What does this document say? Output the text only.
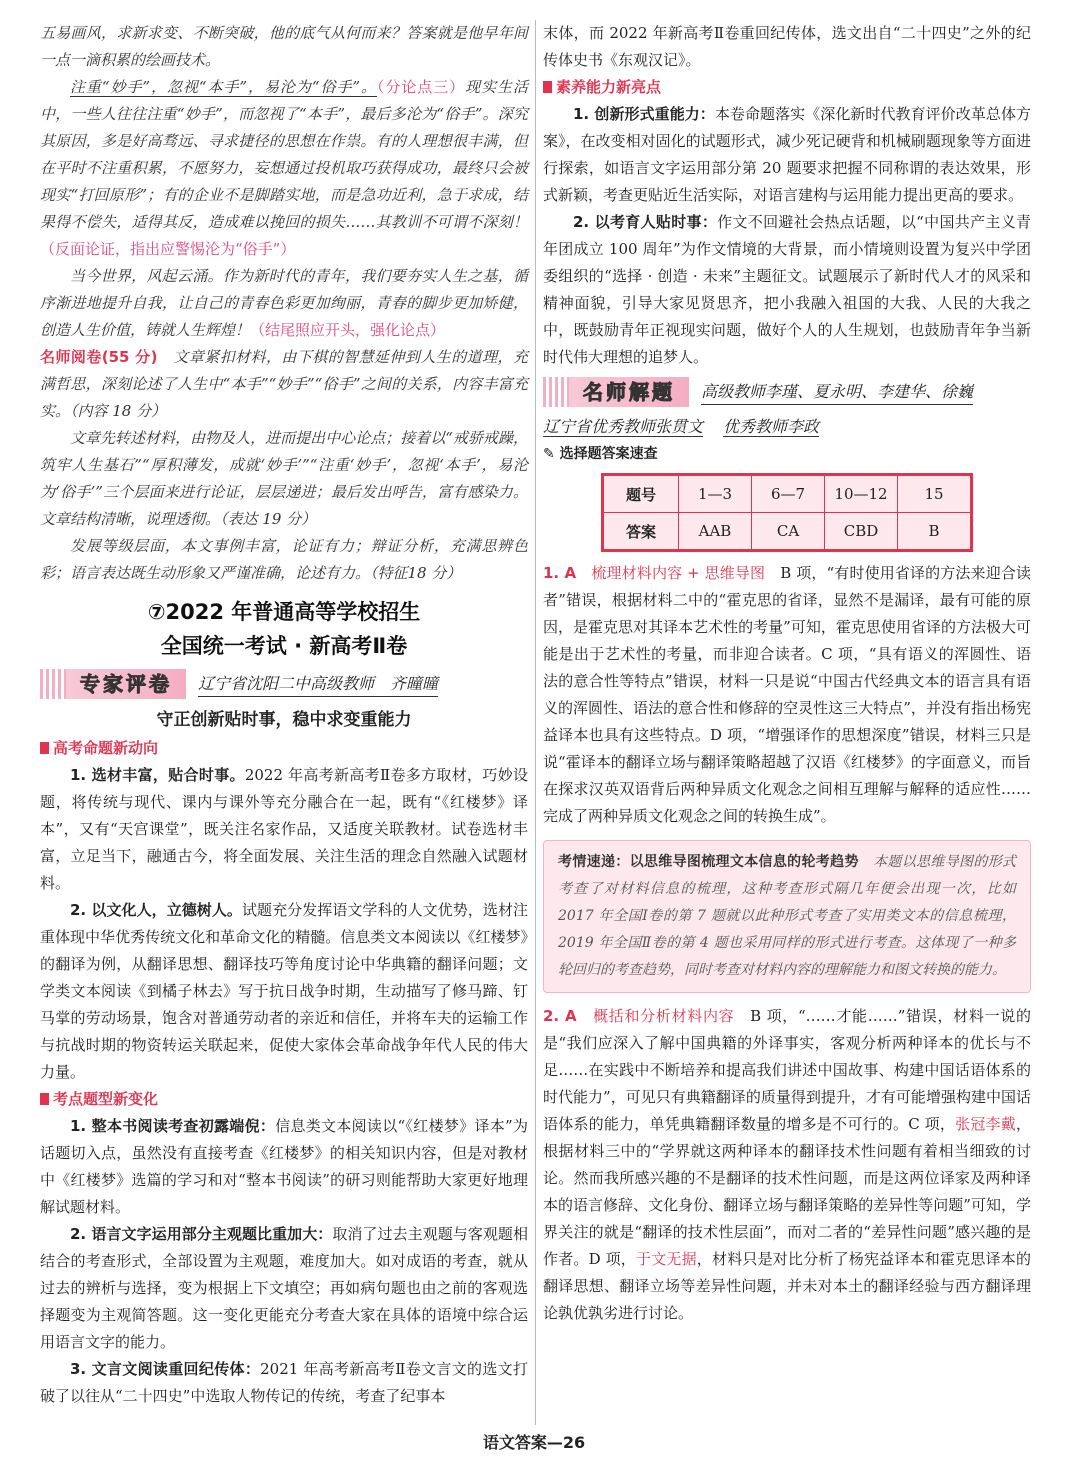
五易画风，求新求变、不断突破，他的底气从何而来？答案就是他早年间一点一滴积累的绘画技术。

注重“妙手”，忽视“本手”，易沦为“俗手”。（分论点三）现实生活中，一些人往往注重“妙手”，而忽视了“本手”，最后多沦为“俗手”。深究其原因，多是好高骛远、寻求捷径的思想在作祟。有的人理想很丰满，但在平时不注重积累，不愿努力，妄想通过投机取巧获得成功，最终只会被现实“打回原形”；有的企业不是脚踏实地，而是急功近利，急于求成，结果得不偿失，适得其反，造成难以挽回的损失……其教训不可谓不深刻！（反面论证，指出应警惕沦为“俗手”）

当今世界，风起云涌。作为新时代的青年，我们要夯实人生之基，循序渐进地提升自我，让自己的青春色彩更加绚丽，青春的脚步更加矫健，创造人生价值，铸就人生辉煌！（结尾照应开头，强化论点）

名师阅卷(55 分)　 文章紧扣材料，由下棋的智慧延伸到人生的道理，充满哲思，深刻论述了人生中“本手”“妙手”“俗手”之间的关系，内容丰富充实。（内容 18 分）

文章先转述材料，由物及人，进而提出中心论点；接着以“戒骄戒躁，筑牢人生基石”“厚积薄发，成就‘妙手’”“注重‘妙手’，忽视‘本手’，易沦为‘俗手’”三个层面来进行论证，层层递进；最后发出呼告，富有感染力。文章结构清晰，说理透彻。（表达 19 分）

发展等级层面，本文事例丰富，论证有力；辩证分析，充满思辨色彩；语言表达既生动形象又严谨准确，论述有力。（特征18 分）

⑦2022 年普通高等学校招生
全国统一考试 · 新高考Ⅱ卷
专家评卷	辽宁省沈阳二中高级教师　齐曈曈
守正创新贴时事，稳中求变重能力
高考命题新动向

1. 选材丰富，贴合时事。2022 年高考新高考Ⅱ卷多方取材，巧妙设题，将传统与现代、课内与课外等充分融合在一起，既有“《红楼梦》译本”，又有“天宫课堂”，既关注名家作品，又适度关联教材。试卷选材丰富，立足当下，融通古今，将全面发展、关注生活的理念自然融入试题材料。

2. 以文化人，立德树人。试题充分发挥语文学科的人文优势，选材注重体现中华优秀传统文化和革命文化的精髓。信息类文本阅读以《红楼梦》的翻译为例，从翻译思想、翻译技巧等角度讨论中华典籍的翻译问题；文学类文本阅读《到橘子林去》写于抗日战争时期，生动描写了修马蹄、钉马掌的劳动场景，饱含对普通劳动者的亲近和信任，并将车夫的运输工作与抗战时期的物资转运关联起来，促使大家体会革命战争年代人民的伟大力量。

考点题型新变化

1. 整本书阅读考查初露端倪：信息类文本阅读以“《红楼梦》译本”为话题切入点，虽然没有直接考查《红楼梦》的相关知识内容，但是对教材中《红楼梦》选篇的学习和对“整本书阅读”的研习则能帮助大家更好地理解试题材料。

2. 语言文字运用部分主观题比重加大：取消了过去主观题与客观题相结合的考查形式，全部设置为主观题，难度加大。如对成语的考查，就从过去的辨析与选择，变为根据上下文填空；再如病句题也由之前的客观选择题变为主观简答题。这一变化更能充分考查大家在具体的语境中综合运用语言文字的能力。

3. 文言文阅读重回纪传体：2021 年高考新高考Ⅱ卷文言文的选文打破了以往从“二十四史”中选取人物传记的传统，考查了纪事本

末体，而 2022 年新高考Ⅱ卷重回纪传体，选文出自“二十四史”之外的纪传体史书《东观汉记》。

素养能力新亮点

1. 创新形式重能力：本卷命题落实《深化新时代教育评价改革总体方案》，在改变相对固化的试题形式，减少死记硬背和机械刷题现象等方面进行探索，如语言文字运用部分第 20 题要求把握不同称谓的表达效果，形式新颖，考查更贴近生活实际，对语言建构与运用能力提出更高的要求。

2. 以考育人贴时事：作文不回避社会热点话题，以“中国共产主义青年团成立 100 周年”为作文情境的大背景，而小情境则设置为复兴中学团委组织的“选择 · 创造 · 未来”主题征文。试题展示了新时代人才的风采和精神面貌，引导大家见贤思齐，把小我融入祖国的大我、人民的大我之中，既鼓励青年正视现实问题，做好个人的人生规划，也鼓励青年争当新时代伟大理想的追梦人。

名师解题	高级教师李瑾、夏永明、李建华、徐巍
辽宁省优秀教师张贯文 优秀教师李政
✎ 选择题答案速查
题号	1—3	6—7	10—12	15
答案	AAB	CA	CBD	B

1. A　 梳理材料内容 + 思维导图　 B 项，“有时使用省译的方法来迎合读者”错误，根据材料二中的“霍克思的省译，显然不是漏译，最有可能的原因，是霍克思对其译本艺术性的考量”可知，霍克思使用省译的方法极大可能是出于艺术性的考量，而非迎合读者。C 项，“具有语义的浑圆性、语法的意合性等特点”错误，材料一只是说“中国古代经典文本的语言具有语义的浑圆性、语法的意合性和修辞的空灵性这三大特点”，并没有指出杨宪益译本也具有这些特点。D 项，“增强译作的思想深度”错误，材料三只是说“霍译本的翻译立场与翻译策略超越了汉语《红楼梦》的字面意义，而旨在探求汉英双语背后两种异质文化观念之间相互理解与解释的适应性……完成了两种异质文化观念之间的转换生成”。

考情速递：以思维导图梳理文本信息的轮考趋势　 本题以思维导图的形式考查了对材料信息的梳理，这种考查形式隔几年便会出现一次，比如 2017 年全国Ⅰ卷的第 7 题就以此种形式考查了实用类文本的信息梳理，2019 年全国Ⅱ卷的第 4 题也采用同样的形式进行考查。这体现了一种多轮回归的考查趋势，同时考查对材料内容的理解能力和图文转换的能力。

2. A　 概括和分析材料内容　 B 项，“……才能……”错误，材料一说的是“我们应深入了解中国典籍的外译事实，客观分析两种译本的优长与不足……在实践中不断培养和提高我们讲述中国故事、构建中国话语体系的时代能力”，可见只有典籍翻译的质量得到提升，才有可能增强构建中国话语体系的能力，单凭典籍翻译数量的增多是不可行的。C 项，张冠李戴，根据材料三中的“学界就这两种译本的翻译技术性问题有着相当细致的讨论。然而我所感兴趣的不是翻译的技术性问题，而是这两位译家及两种译本的语言修辞、文化身份、翻译立场与翻译策略的差异性等问题”可知，学界关注的就是“翻译的技术性层面”，而对二者的“差异性问题”感兴趣的是作者。D 项，于文无据，材料只是对比分析了杨宪益译本和霍克思译本的翻译思想、翻译立场等差异性问题，并未对本土的翻译经验与西方翻译理论孰优孰劣进行讨论。

语文答案—26
